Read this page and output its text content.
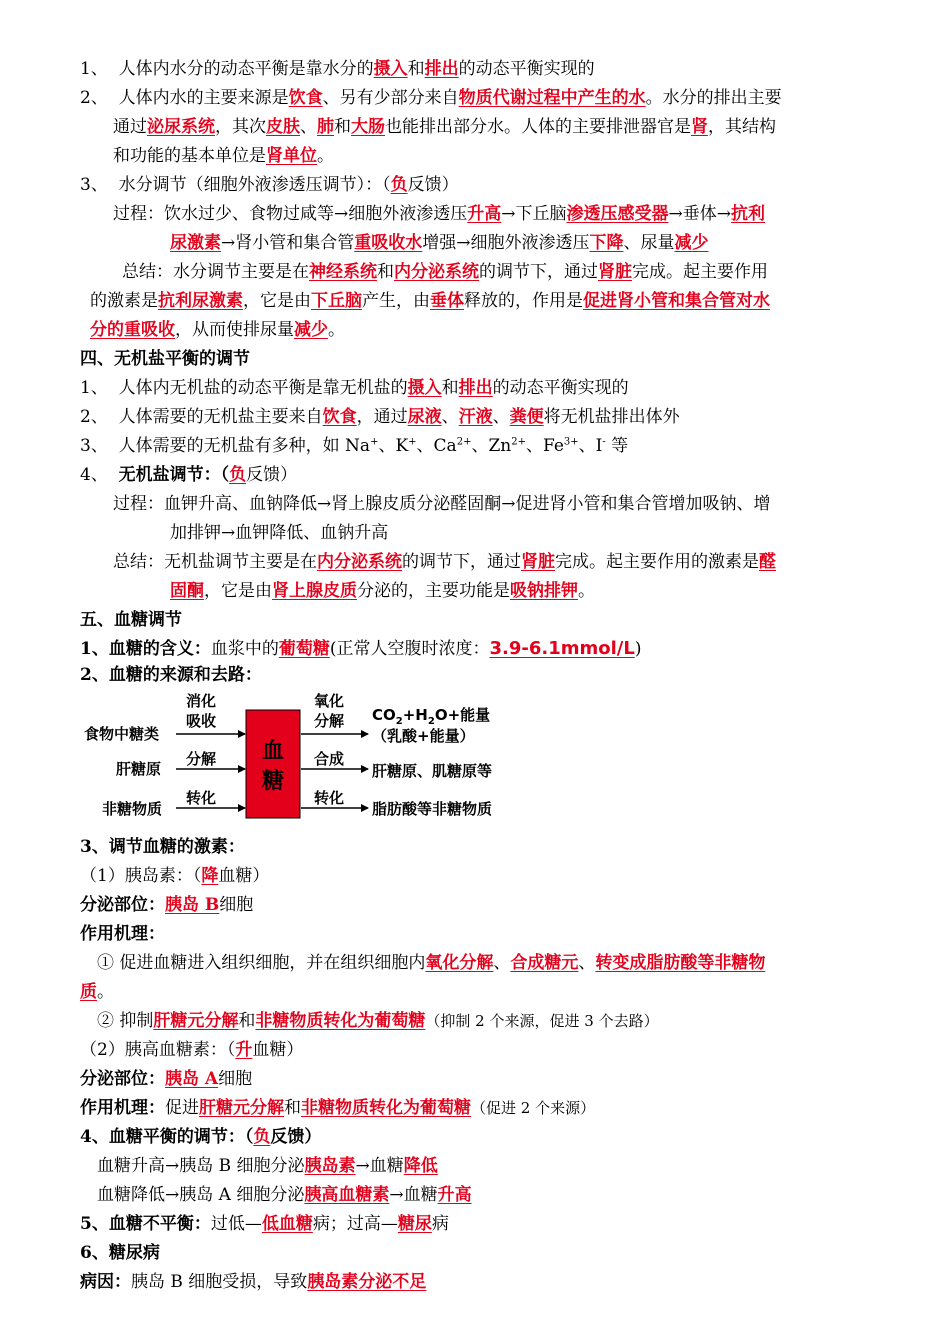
1、 人体内水分的动态平衡是靠水分的摄入和排出的动态平衡实现的
2、 人体内水的主要来源是饮食、另有少部分来自物质代谢过程中产生的水。水分的排出主要
通过泌尿系统，其次皮肤、肺和大肠也能排出部分水。人体的主要排泄器官是肾，其结构
和功能的基本单位是肾单位。
3、 水分调节（细胞外液渗透压调节）：（负反馈）
过程：饮水过少、食物过咸等→细胞外液渗透压升高→下丘脑渗透压感受器→垂体→抗利
尿激素→肾小管和集合管重吸收水增强→细胞外液渗透压下降、尿量减少
总结：水分调节主要是在神经系统和内分泌系统的调节下，通过肾脏完成。起主要作用
的激素是抗利尿激素，它是由下丘脑产生，由垂体释放的，作用是促进肾小管和集合管对水
分的重吸收，从而使排尿量减少。
四、无机盐平衡的调节
1、 人体内无机盐的动态平衡是靠无机盐的摄入和排出的动态平衡实现的
2、 人体需要的无机盐主要来自饮食，通过尿液、汗液、粪便将无机盐排出体外
3、 人体需要的无机盐有多种，如 Na+、K+、$Ca^{2+}$、$Zn^{2+}$、$Fe^{3+}$、I- 等
4、 无机盐调节：（负反馈）
过程：血钾升高、血钠降低→肾上腺皮质分泌醛固酮→促进肾小管和集合管增加吸钠、增
加排钾→血钾降低、血钠升高
总结：无机盐调节主要是在内分泌系统的调节下，通过肾脏完成。起主要作用的激素是醛
固酮，它是由肾上腺皮质分泌的，主要功能是吸钠排钾。
五、血糖调节
1、血糖的含义：血浆中的葡萄糖(正常人空腹时浓度：3.9-6.1mmol/L)
2、血糖的来源和去路：
血
糖
食物中糖类
肝糖原
非糖物质
消化
吸收
分解
转化
氧化
分解
合成
转化
$CO_2+H_2O+$能量
（乳酸+能量）
肝糖原、肌糖原等
脂肪酸等非糖物质
3、调节血糖的激素：
（1）胰岛素：（降血糖）
分泌部位：胰岛 B细胞
作用机理：
① 促进血糖进入组织细胞，并在组织细胞内氧化分解、合成糖元、转变成脂肪酸等非糖物
质。
② 抑制肝糖元分解和非糖物质转化为葡萄糖（抑制 2 个来源，促进 3 个去路）
（2）胰高血糖素：（升血糖）
分泌部位：胰岛 A细胞
作用机理：促进肝糖元分解和非糖物质转化为葡萄糖（促进 2 个来源）
4、血糖平衡的调节：（负反馈）
血糖升高→胰岛 B 细胞分泌胰岛素→血糖降低
血糖降低→胰岛 A 细胞分泌胰高血糖素→血糖升高
5、血糖不平衡：过低—低血糖病；过高—糖尿病
6、糖尿病
病因：胰岛 B 细胞受损，导致胰岛素分泌不足
